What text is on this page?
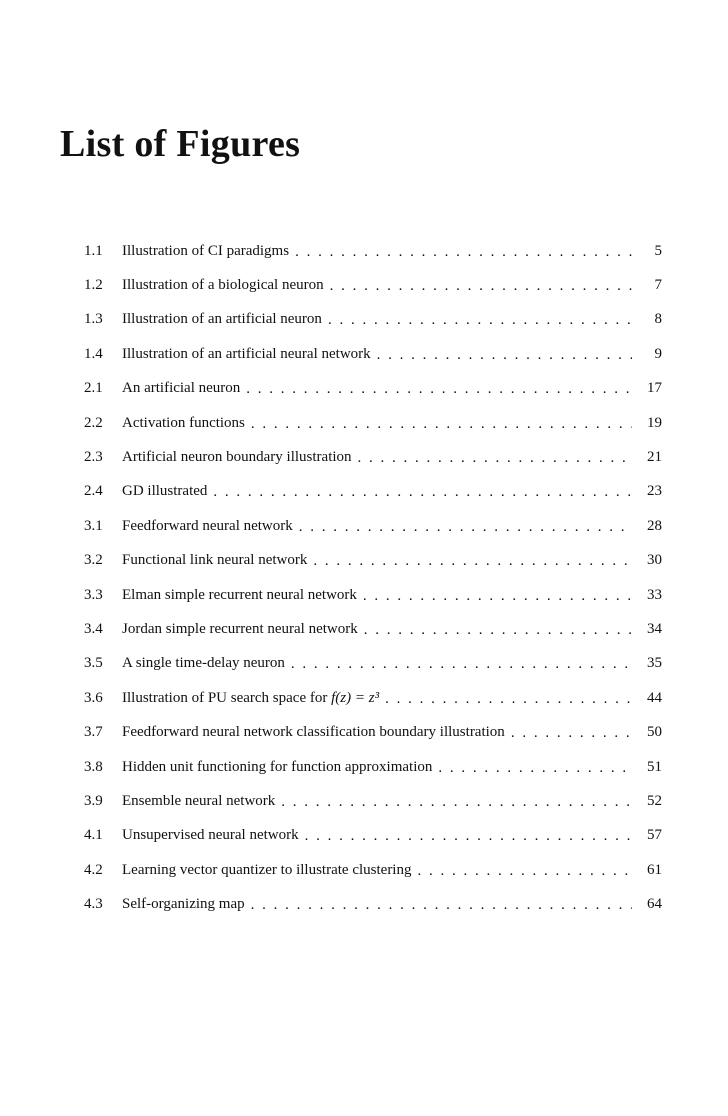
List of Figures
1.1	Illustration of CI paradigms . . .	5
1.2	Illustration of a biological neuron . . .	7
1.3	Illustration of an artificial neuron . . .	8
1.4	Illustration of an artificial neural network . . .	9
2.1	An artificial neuron . . .	17
2.2	Activation functions . . .	19
2.3	Artificial neuron boundary illustration . . .	21
2.4	GD illustrated . . .	23
3.1	Feedforward neural network . . .	28
3.2	Functional link neural network . . .	30
3.3	Elman simple recurrent neural network . . .	33
3.4	Jordan simple recurrent neural network . . .	34
3.5	A single time-delay neuron . . .	35
3.6	Illustration of PU search space for f(z) = z³ . . .	44
3.7	Feedforward neural network classification boundary illustration . . .	50
3.8	Hidden unit functioning for function approximation . . .	51
3.9	Ensemble neural network . . .	52
4.1	Unsupervised neural network . . .	57
4.2	Learning vector quantizer to illustrate clustering . . .	61
4.3	Self-organizing map . . .	64
